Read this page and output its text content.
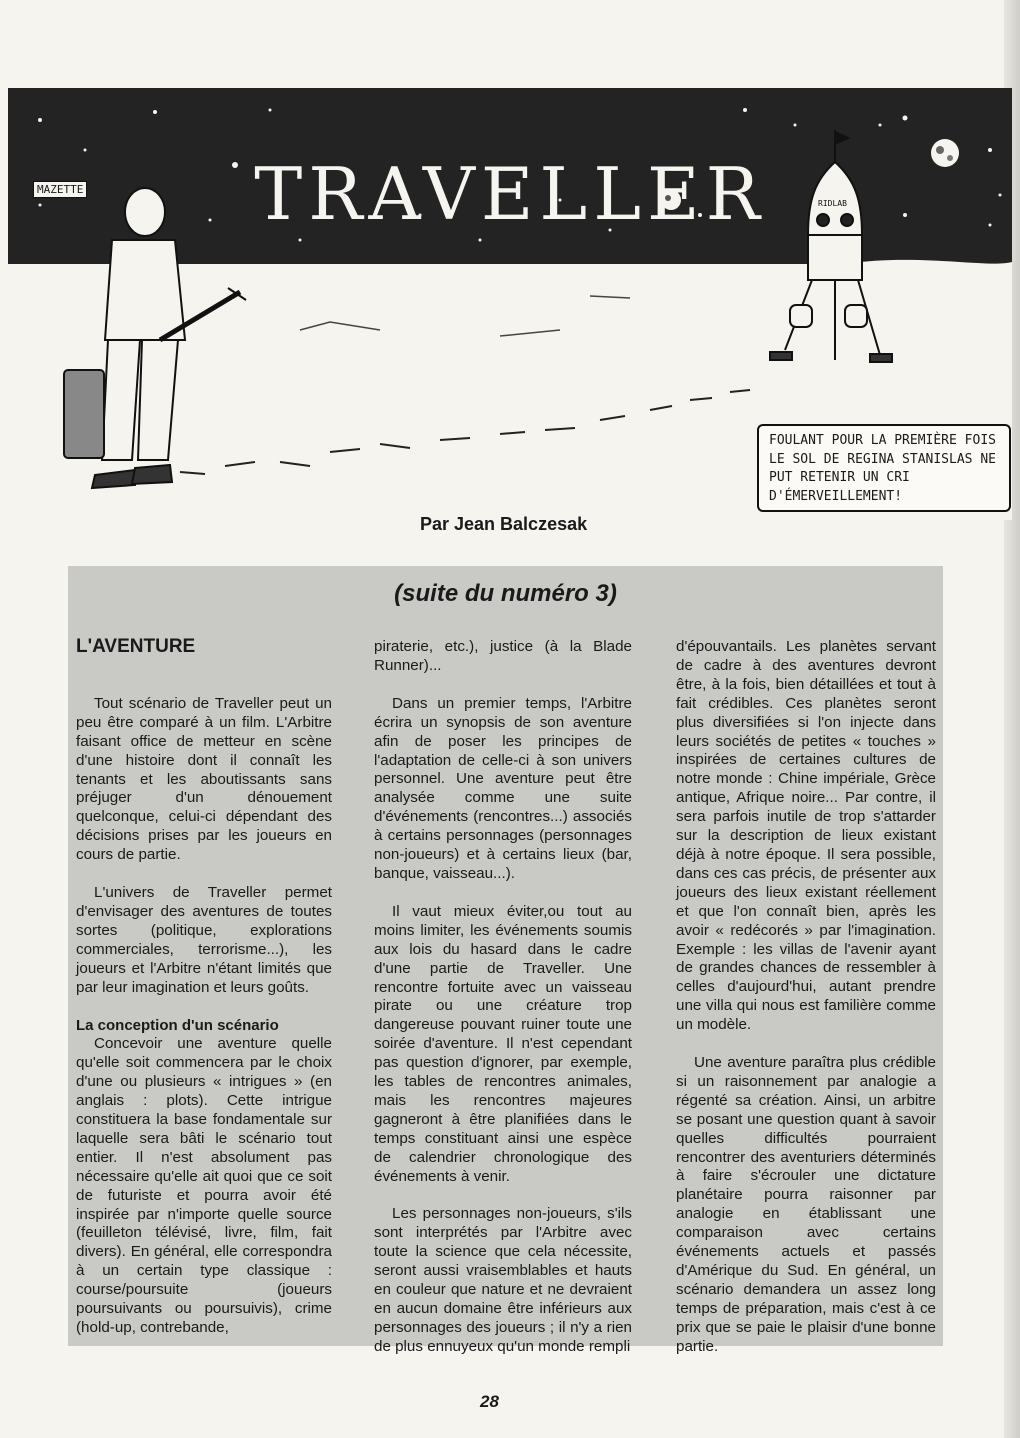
RIDLAB
TRAVELLER
MAZETTE
FOULANT POUR LA PREMIÈRE FOIS LE SOL DE REGINA STANISLAS NE PUT RETENIR UN CRI D'ÉMERVEILLEMENT!
Par Jean Balczesak
(suite du numéro 3)

L'AVENTURE

Tout scénario de Traveller peut un peu être comparé à un film. L'Arbitre faisant office de metteur en scène d'une histoire dont il connaît les tenants et les aboutissants sans préjuger d'un dénouement quelconque, celui-ci dépendant des décisions prises par les joueurs en cours de partie.

L'univers de Traveller permet d'envisager des aventures de toutes sortes (politique, explorations commerciales, terrorisme...), les joueurs et l'Arbitre n'étant limités que par leur imagination et leurs goûts.

La conception d'un scénario

Concevoir une aventure quelle qu'elle soit commencera par le choix d'une ou plusieurs « intrigues » (en anglais : plots). Cette intrigue constituera la base fondamentale sur laquelle sera bâti le scénario tout entier. Il n'est absolument pas nécessaire qu'elle ait quoi que ce soit de futuriste et pourra avoir été inspirée par n'importe quelle source (feuilleton télévisé, livre, film, fait divers). En général, elle correspondra à un certain type classique : course/poursuite (joueurs poursuivants ou poursuivis), crime (hold-up, contrebande,

piraterie, etc.), justice (à la Blade Runner)...

Dans un premier temps, l'Arbitre écrira un synopsis de son aventure afin de poser les principes de l'adaptation de celle-ci à son univers personnel. Une aventure peut être analysée comme une suite d'événements (rencontres...) associés à certains personnages (personnages non-joueurs) et à certains lieux (bar, banque, vaisseau...).

Il vaut mieux éviter,ou tout au moins limiter, les événements soumis aux lois du hasard dans le cadre d'une partie de Traveller. Une rencontre fortuite avec un vaisseau pirate ou une créature trop dangereuse pouvant ruiner toute une soirée d'aventure. Il n'est cependant pas question d'ignorer, par exemple, les tables de rencontres animales, mais les rencontres majeures gagneront à être planifiées dans le temps constituant ainsi une espèce de calendrier chronologique des événements à venir.

Les personnages non-joueurs, s'ils sont interprétés par l'Arbitre avec toute la science que cela nécessite, seront aussi vraisemblables et hauts en couleur que nature et ne devraient en aucun domaine être inférieurs aux personnages des joueurs ; il n'y a rien de plus ennuyeux qu'un monde rempli

d'épouvantails. Les planètes servant de cadre à des aventures devront être, à la fois, bien détaillées et tout à fait crédibles. Ces planètes seront plus diversifiées si l'on injecte dans leurs sociétés de petites « touches » inspirées de certaines cultures de notre monde : Chine impériale, Grèce antique, Afrique noire... Par contre, il sera parfois inutile de trop s'attarder sur la description de lieux existant déjà à notre époque. Il sera possible, dans ces cas précis, de présenter aux joueurs des lieux existant réellement et que l'on connaît bien, après les avoir « redécorés » par l'imagination. Exemple : les villas de l'avenir ayant de grandes chances de ressembler à celles d'aujourd'hui, autant prendre une villa qui nous est familière comme un modèle.

Une aventure paraîtra plus crédible si un raisonnement par analogie a régenté sa création. Ainsi, un arbitre se posant une question quant à savoir quelles difficultés pourraient rencontrer des aventuriers déterminés à faire s'écrouler une dictature planétaire pourra raisonner par analogie en établissant une comparaison avec certains événements actuels et passés d'Amérique du Sud. En général, un scénario demandera un assez long temps de préparation, mais c'est à ce prix que se paie le plaisir d'une bonne partie.

28
